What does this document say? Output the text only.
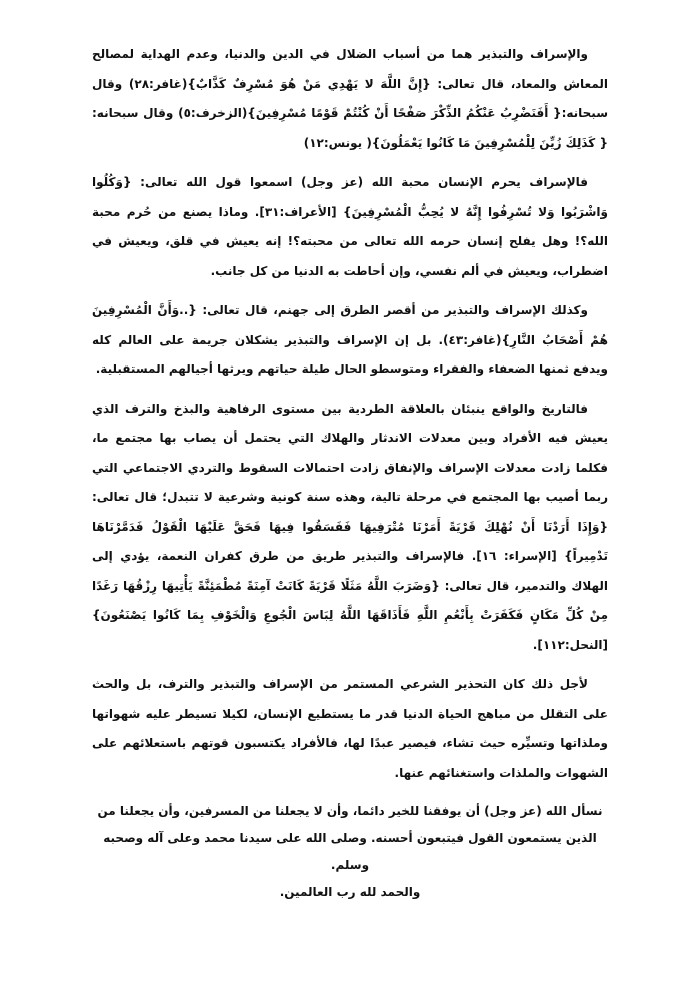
والإسراف والتبذير هما من أسباب الضلال في الدين والدنيا، وعدم الهداية لمصالح المعاش والمعاد، قال تعالى: {إِنَّ اللَّهَ لا يَهْدِي مَنْ هُوَ مُسْرِفٌ كَذَّابٌ}(غافر:٢٨) وقال سبحانه:{ أَفَنَضْرِبُ عَنْكُمُ الذِّكْرَ صَفْحًا أَنْ كُنْتُمْ قَوْمًا مُسْرِفِينَ}(الزخرف:٥) وقال سبحانه:{ كَذَلِكَ زُيِّنَ لِلْمُسْرِفِينَ مَا كَانُوا يَعْمَلُونَ}( يونس:١٢)

فالإسراف يحرم الإنسان محبة الله (عز وجل) اسمعوا قول الله تعالى: {وَكُلُوا وَاشْرَبُوا وَلا تُسْرِفُوا إِنَّهُ لا يُحِبُّ الْمُسْرِفِينَ} [الأعراف:٣١]. وماذا يصنع من حُرم محبة الله؟! وهل يفلح إنسان حرمه الله تعالى من محبته؟! إنه يعيش في قلق، ويعيش في اضطراب، ويعيش في ألم نفسي، وإن أحاطت به الدنيا من كل جانب.

وكذلك الإسراف والتبذير من أقصر الطرق إلى جهنم، قال تعالى: {..وَأَنَّ الْمُسْرِفِينَ هُمْ أَصْحَابُ النَّارِ}(غافر:٤٣). بل إن الإسراف والتبذير يشكلان جريمة على العالم كله ويدفع ثمنها الضعفاء والفقراء ومتوسطو الحال طيلة حياتهم ويرثها أجيالهم المستقبلية.

فالتاريخ والواقع ينبئان بالعلاقة الطردية بين مستوى الرفاهية والبذخ والترف الذي يعيش فيه الأفراد وبين معدلات الاندثار والهلاك التي يحتمل أن يصاب بها مجتمع ما، فكلما زادت معدلات الإسراف والإنفاق زادت احتمالات السقوط والتردي الاجتماعي التي ربما أصيب بها المجتمع في مرحلة تالية، وهذه سنة كونية وشرعية لا تتبدل؛ قال تعالى: {وَإِذَا أَرَدْنَا أَنْ نُهْلِكَ قَرْيَةً أَمَرْنَا مُتْرَفِيهَا فَفَسَقُوا فِيهَا فَحَقَّ عَلَيْهَا الْقَوْلُ فَدَمَّرْنَاهَا تَدْمِيراً} [الإسراء: ١٦]. فالإسراف والتبذير طريق من طرق كفران النعمة، يؤدي إلى الهلاك والتدمير، قال تعالى: {وَضَرَبَ اللَّهُ مَثَلًا قَرْيَةً كَانَتْ آمِنَةً مُطْمَئِنَّةً يَأْتِيهَا رِزْقُهَا رَغَدًا مِنْ كُلِّ مَكَانٍ فَكَفَرَتْ بِأَنْعُمِ اللَّهِ فَأَذَاقَهَا اللَّهُ لِبَاسَ الْجُوعِ وَالْخَوْفِ بِمَا كَانُوا يَصْنَعُونَ} [النحل:١١٢].

لأجل ذلك كان التحذير الشرعي المستمر من الإسراف والتبذير والترف، بل والحث على التقلل من مباهج الحياة الدنيا قدر ما يستطيع الإنسان، لكيلا تسيطر عليه شهواتها وملذاتها وتسيِّره حيث تشاء، فيصير عبدًا لها، فالأفراد يكتسبون قوتهم باستعلائهم على الشهوات والملذات واستغنائهم عنها.

نسأل الله (عز وجل) أن يوفقنا للخير دائما، وأن لا يجعلنا من المسرفين، وأن يجعلنا من
الذين يستمعون القول فيتبعون أحسنه. وصلى الله على سيدنا محمد وعلى آله وصحبه وسلم.
والحمد لله رب العالمين.
